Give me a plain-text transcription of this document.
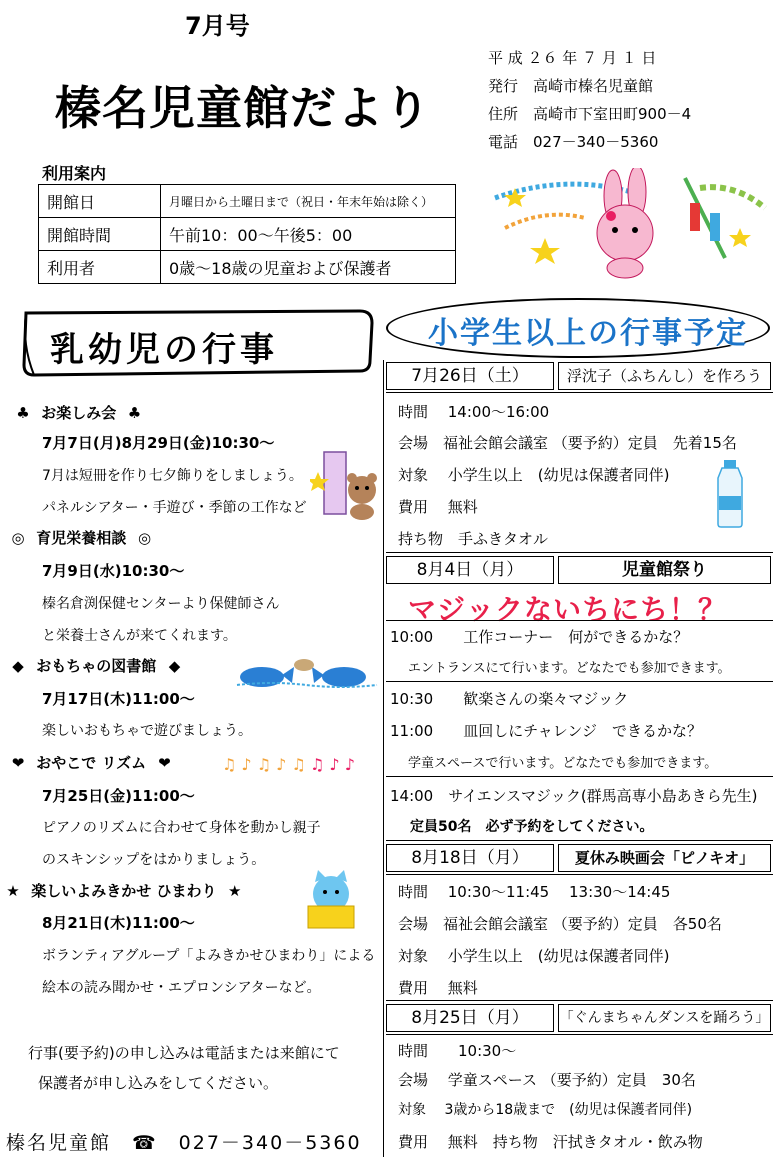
7月号
榛名児童館だより
平 成 ２６ 年 ７ 月 １ 日
発行　高崎市榛名児童館
住所　高崎市下室田町900－4
電話　027－340－5360
利用案内
開館日	月曜日から土曜日まで（祝日・年末年始は除く）
開館時間	午前10：00～午後5：00
利用者	0歳～18歳の児童および保護者
乳幼児の行事	小学生以上の行事予定
♣ お楽しみ会 ♣
7月7日(月)8月29日(金)10:30～
7月は短冊を作り七夕飾りをしましょう。
パネルシアター・手遊び・季節の工作など
◎ 育児栄養相談 ◎
7月9日(水)10:30～
榛名倉渕保健センターより保健師さん
と栄養士さんが来てくれます。
◆ おもちゃの図書館 ◆
7月17日(木)11:00～
楽しいおもちゃで遊びましょう。
❤ おやこで リズム ❤
7月25日(金)11:00～
ピアノのリズムに合わせて身体を動かし親子
のスキンシップをはかりましょう。
★ 楽しいよみきかせ ひまわり ★
8月21日(木)11:00～
ボランティアグループ「よみきかせひまわり」による
絵本の読み聞かせ・エプロンシアターなど。
♫ ♪ ♫ ♪ ♫ ♫ ♪ ♪
行事(要予約)の申し込みは電話または来館にて
保護者が申し込みをしてください。
榛名児童館　☎　027－340－5360
7月26日（土）	浮沈子（ふちんし）を作ろう
時間　 14:00～16:00
会場　福祉会館会議室 （要予約）定員　先着15名
対象　 小学生以上　(幼児は保護者同伴)
費用　 無料
持ち物　手ふきタオル
8月4日（月）	児童館祭り
マジックないちにち！？
10:00　　工作コーナー　何ができるかな？
エントランスにて行います。どなたでも参加できます。
10:30　　歓楽さんの楽々マジック
11:00　　皿回しにチャレンジ　できるかな？
学童スペースで行います。どなたでも参加できます。
14:00　サイエンスマジック(群馬高専小島あきら先生)
定員50名　必ず予約をしてください。
8月18日（月）	夏休み映画会「ピノキオ」
時間　 10:30～11:45　 13:30～14:45
会場　福祉会館会議室 （要予約）定員　各50名
対象　 小学生以上　(幼児は保護者同伴)
費用　 無料
8月25日（月）	「ぐんまちゃんダンスを踊ろう」
時間　　10:30～
会場　 学童スペース （要予約）定員　30名
対象　 3歳から18歳まで　(幼児は保護者同伴)
費用　 無料　持ち物　汗拭きタオル・飲み物
